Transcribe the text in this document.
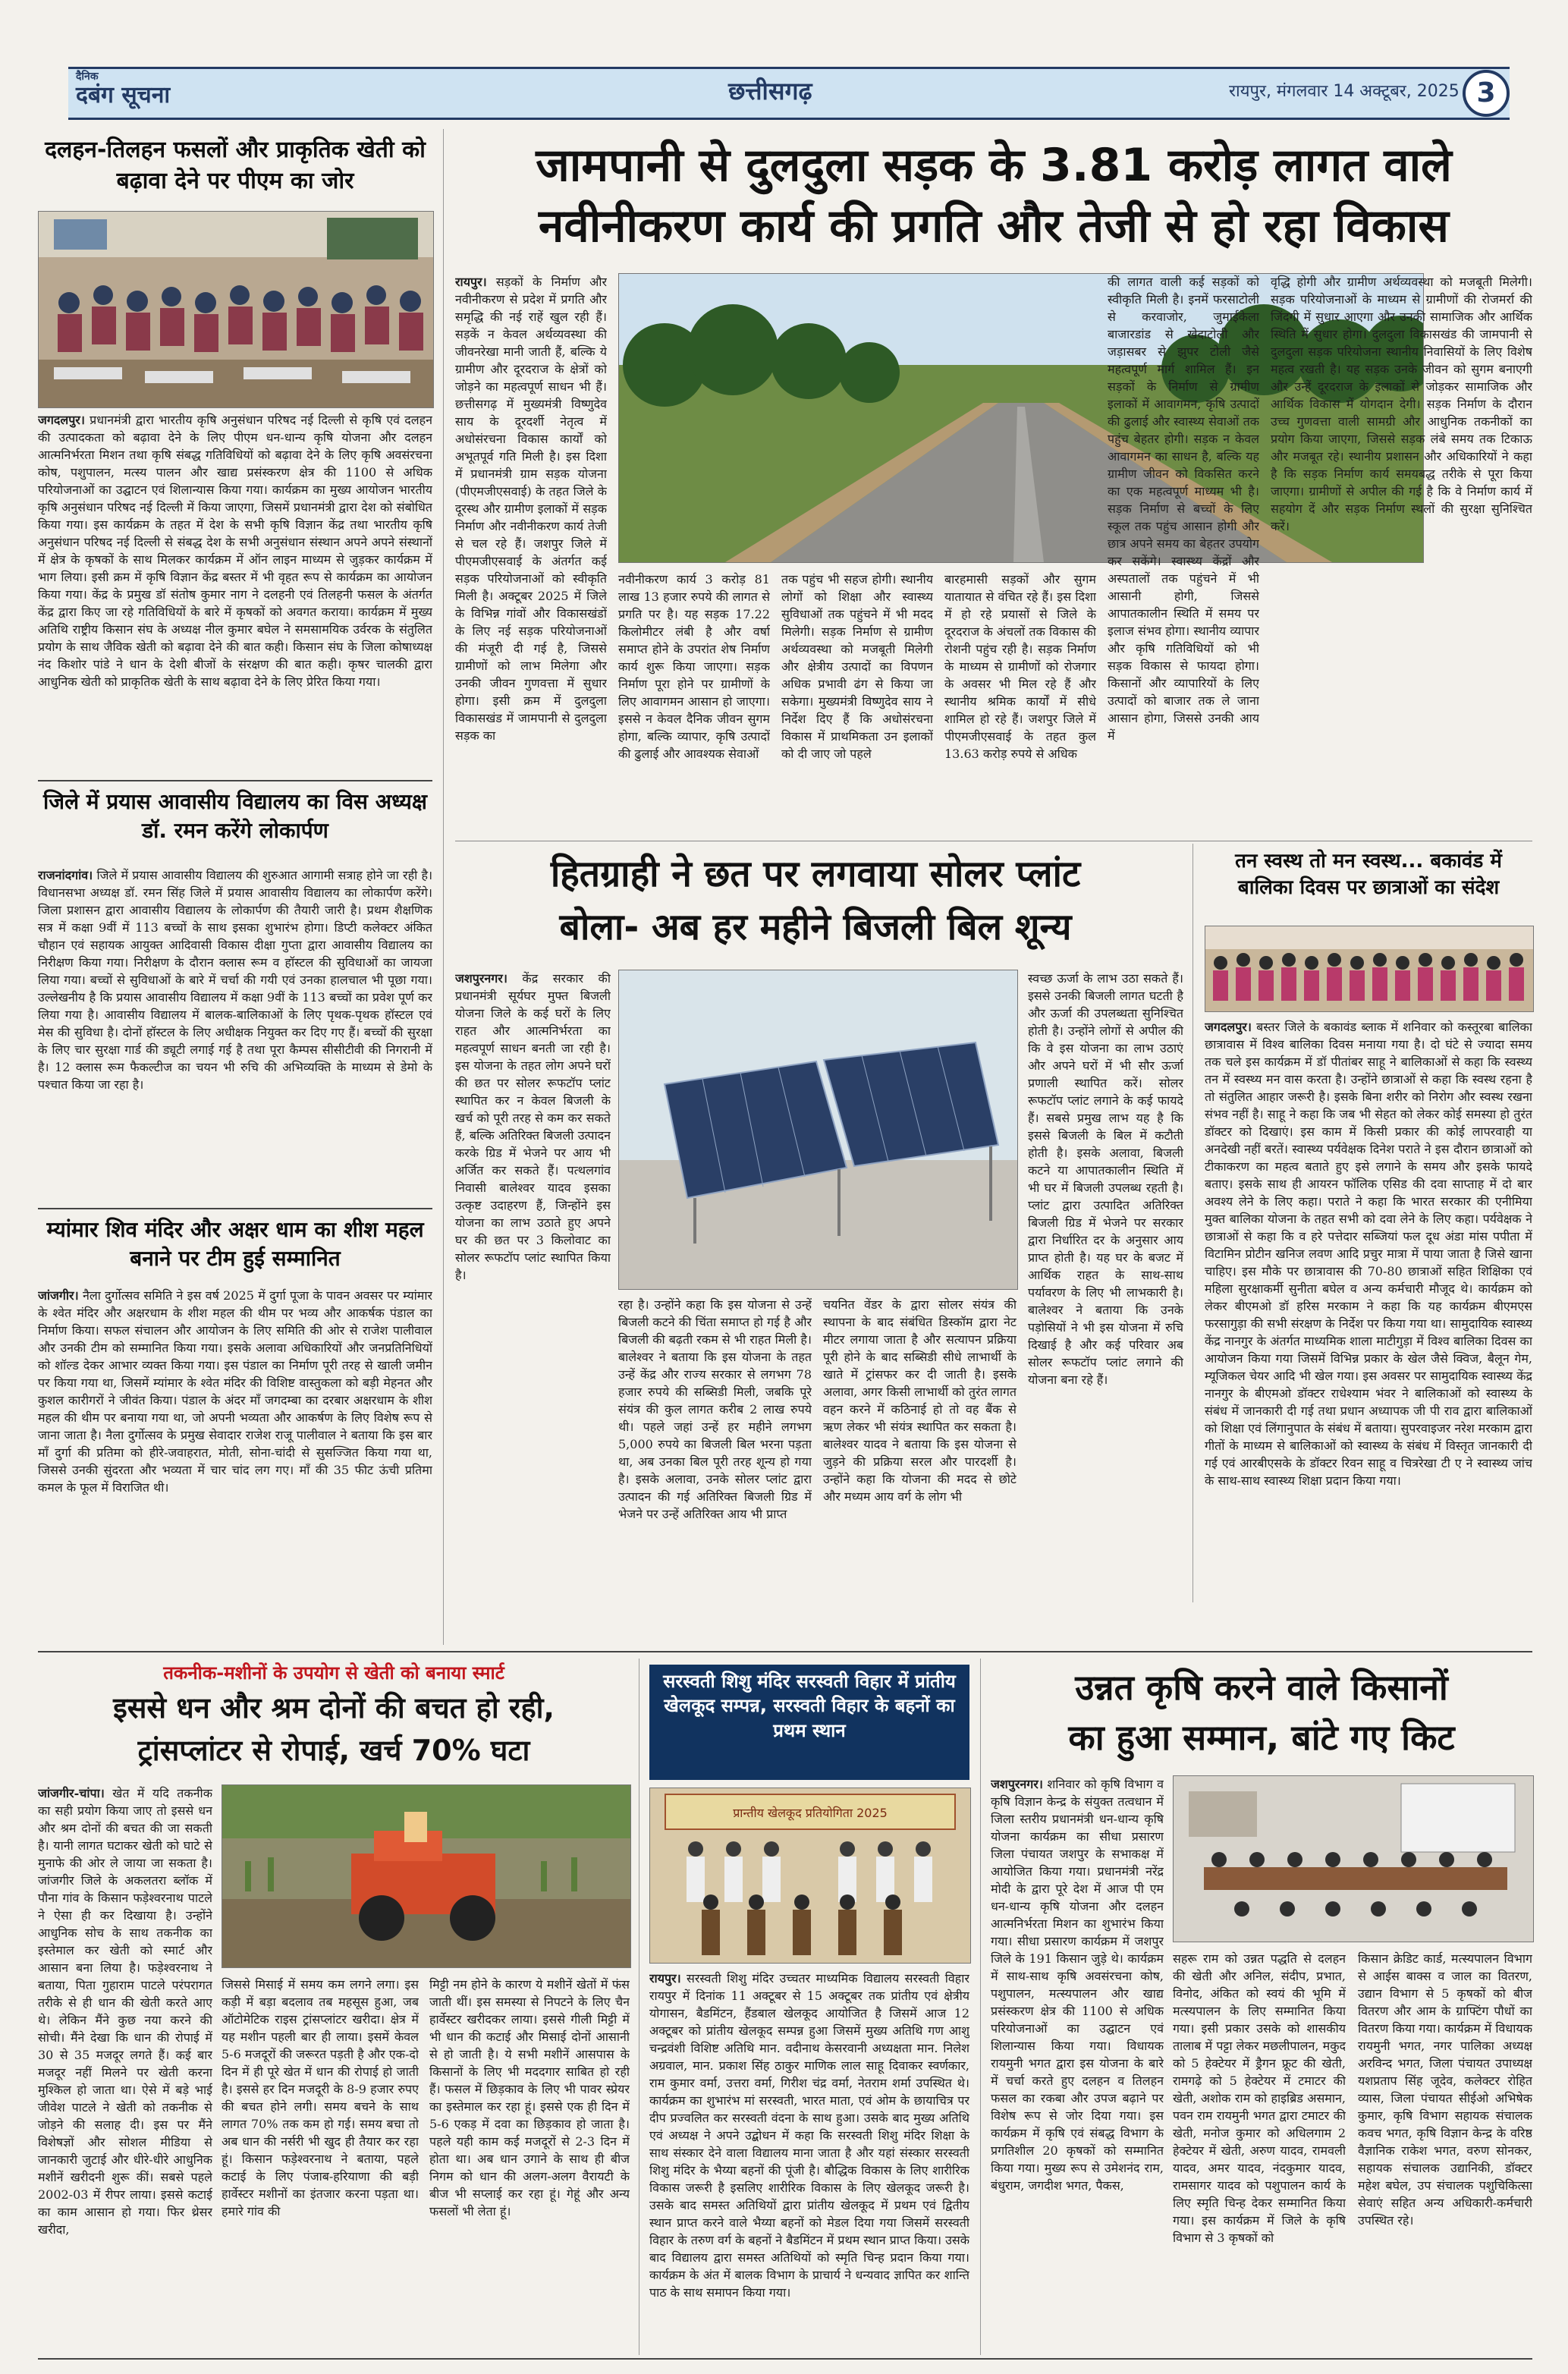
दैनिक
दबंग सूचना	छत्तीसगढ़	रायपुर, मंगलवार 14 अक्टूबर, 2025 3
दलहन-तिलहन फसलों और प्राकृतिक खेती को बढ़ावा देने पर पीएम का जोर
जगदलपुर। प्रधानमंत्री द्वारा भारतीय कृषि अनुसंधान परिषद नई दिल्ली से कृषि एवं दलहन की उत्पादकता को बढ़ावा देने के लिए पीएम धन-धान्य कृषि योजना और दलहन आत्मनिर्भरता मिशन तथा कृषि संबद्ध गतिविधियों को बढ़ावा देने के लिए कृषि अवसंरचना कोष, पशुपालन, मत्स्य पालन और खाद्य प्रसंस्करण क्षेत्र की 1100 से अधिक परियोजनाओं का उद्घाटन एवं शिलान्यास किया गया। कार्यक्रम का मुख्य आयोजन भारतीय कृषि अनुसंधान परिषद नई दिल्ली में किया जाएगा, जिसमें प्रधानमंत्री द्वारा देश को संबोधित किया गया। इस कार्यक्रम के तहत में देश के सभी कृषि विज्ञान केंद्र तथा भारतीय कृषि अनुसंधान परिषद नई दिल्ली से संबद्ध देश के सभी अनुसंधान संस्थान अपने अपने संस्थानों में क्षेत्र के कृषकों के साथ मिलकर कार्यक्रम में ऑन लाइन माध्यम से जुड़कर कार्यक्रम में भाग लिया। इसी क्रम में कृषि विज्ञान केंद्र बस्तर में भी वृहत रूप से कार्यक्रम का आयोजन किया गया। केंद्र के प्रमुख डॉ संतोष कुमार नाग ने दलहनी एवं तिलहनी फसल के अंतर्गत केंद्र द्वारा किए जा रहे गतिविधियों के बारे में कृषकों को अवगत कराया। कार्यक्रम में मुख्य अतिथि राष्ट्रीय किसान संघ के अध्यक्ष नील कुमार बघेल ने समसामयिक उर्वरक के संतुलित प्रयोग के साथ जैविक खेती को बढ़ावा देने की बात कही। किसान संघ के जिला कोषाध्यक्ष नंद किशोर पांडे ने धान के देशी बीजों के संरक्षण की बात कही। कृषर चालकी द्वारा आधुनिक खेती को प्राकृतिक खेती के साथ बढ़ावा देने के लिए प्रेरित किया गया।
जिले में प्रयास आवासीय विद्यालय का विस अध्यक्ष डॉ. रमन करेंगे लोकार्पण
राजनांदगांव। जिले में प्रयास आवासीय विद्यालय की शुरुआत आगामी सत्राह होने जा रही है। विधानसभा अध्यक्ष डॉ. रमन सिंह जिले में प्रयास आवासीय विद्यालय का लोकार्पण करेंगे। जिला प्रशासन द्वारा आवासीय विद्यालय के लोकार्पण की तैयारी जारी है। प्रथम शैक्षणिक सत्र में कक्षा 9वीं में 113 बच्चों के साथ इसका शुभारंभ होगा। डिप्टी कलेक्टर अंकित चौहान एवं सहायक आयुक्त आदिवासी विकास दीक्षा गुप्ता द्वारा आवासीय विद्यालय का निरीक्षण किया गया। निरीक्षण के दौरान क्लास रूम व हॉस्टल की सुविधाओं का जायजा लिया गया। बच्चों से सुविधाओं के बारे में चर्चा की गयी एवं उनका हालचाल भी पूछा गया। उल्लेखनीय है कि प्रयास आवासीय विद्यालय में कक्षा 9वीं के 113 बच्चों का प्रवेश पूर्ण कर लिया गया है। आवासीय विद्यालय में बालक-बालिकाओं के लिए पृथक-पृथक हॉस्टल एवं मेस की सुविधा है। दोनों हॉस्टल के लिए अधीक्षक नियुक्त कर दिए गए हैं। बच्चों की सुरक्षा के लिए चार सुरक्षा गार्ड की ड्यूटी लगाई गई है तथा पूरा कैम्पस सीसीटीवी की निगरानी में है। 12 क्लास रूम फैकल्टीज का चयन भी रुचि की अभिव्यक्ति के माध्यम से डेमो के पश्चात किया जा रहा है।
म्यांमार शिव मंदिर और अक्षर धाम का शीश महल बनाने पर टीम हुई सम्मानित
जांजगीर। नैला दुर्गोत्सव समिति ने इस वर्ष 2025 में दुर्गा पूजा के पावन अवसर पर म्यांमार के श्वेत मंदिर और अक्षरधाम के शीश महल की थीम पर भव्य और आकर्षक पंडाल का निर्माण किया। सफल संचालन और आयोजन के लिए समिति की ओर से राजेश पालीवाल और उनकी टीम को सम्मानित किया गया। इसके अलावा अधिकारियों और जनप्रतिनिधियों को शॉल्ड देकर आभार व्यक्त किया गया। इस पंडाल का निर्माण पूरी तरह से खाली जमीन पर किया गया था, जिसमें म्यांमार के श्वेत मंदिर की विशिष्ट वास्तुकला को बड़ी मेहनत और कुशल कारीगरों ने जीवंत किया। पंडाल के अंदर माँ जगदम्बा का दरबार अक्षरधाम के शीश महल की थीम पर बनाया गया था, जो अपनी भव्यता और आकर्षण के लिए विशेष रूप से जाना जाता है। नैला दुर्गोत्सव के प्रमुख सेवादार राजेश राजू पालीवाल ने बताया कि इस बार माँ दुर्गा की प्रतिमा को हीरे-जवाहरात, मोती, सोना-चांदी से सुसज्जित किया गया था, जिससे उनकी सुंदरता और भव्यता में चार चांद लग गए। माँ की 35 फीट ऊंची प्रतिमा कमल के फूल में विराजित थी।
जामपानी से दुलदुला सड़क के 3.81 करोड़ लागत वाले
नवीनीकरण कार्य की प्रगति और तेजी से हो रहा विकास
रायपुर। सड़कों के निर्माण और नवीनीकरण से प्रदेश में प्रगति और समृद्धि की नई राहें खुल रही हैं। सड़कें न केवल अर्थव्यवस्था की जीवनरेखा मानी जाती हैं, बल्कि ये ग्रामीण और दूरदराज के क्षेत्रों को जोड़ने का महत्वपूर्ण साधन भी हैं। छत्तीसगढ़ में मुख्यमंत्री विष्णुदेव साय के दूरदर्शी नेतृत्व में अधोसंरचना विकास कार्यों को अभूतपूर्व गति मिली है। इस दिशा में प्रधानमंत्री ग्राम सड़क योजना (पीएमजीएसवाई) के तहत जिले के दूरस्थ और ग्रामीण इलाकों में सड़क निर्माण और नवीनीकरण कार्य तेजी से चल रहे हैं। जशपुर जिले में पीएमजीएसवाई के अंतर्गत कई सड़क परियोजनाओं को स्वीकृति मिली है। अक्टूबर 2025 में जिले के विभिन्न गांवों और विकासखंडों के लिए नई सड़क परियोजनाओं की मंजूरी दी गई है, जिससे ग्रामीणों को लाभ मिलेगा और उनकी जीवन गुणवत्ता में सुधार होगा। इसी क्रम में दुलदुला विकासखंड में जामपानी से दुलदुला सड़क का
नवीनीकरण कार्य 3 करोड़ 81 लाख 13 हजार रुपये की लागत से प्रगति पर है। यह सड़क 17.22 किलोमीटर लंबी है और वर्षा समाप्त होने के उपरांत शेष निर्माण कार्य शुरू किया जाएगा। सड़क निर्माण पूरा होने पर ग्रामीणों के लिए आवागमन आसान हो जाएगा। इससे न केवल दैनिक जीवन सुगम होगा, बल्कि व्यापार, कृषि उत्पादों की ढुलाई और आवश्यक सेवाओं
तक पहुंच भी सहज होगी। स्थानीय लोगों को शिक्षा और स्वास्थ्य सुविधाओं तक पहुंचने में भी मदद मिलेगी। सड़क निर्माण से ग्रामीण अर्थव्यवस्था को मजबूती मिलेगी और क्षेत्रीय उत्पादों का विपणन अधिक प्रभावी ढंग से किया जा सकेगा। मुख्यमंत्री विष्णुदेव साय ने निर्देश दिए हैं कि अधोसंरचना विकास में प्राथमिकता उन इलाकों को दी जाए जो पहले
बारहमासी सड़कों और सुगम यातायात से वंचित रहे हैं। इस दिशा में हो रहे प्रयासों से जिले के दूरदराज के अंचलों तक विकास की रोशनी पहुंच रही है। सड़क निर्माण के माध्यम से ग्रामीणों को रोजगार के अवसर भी मिल रहे हैं और स्थानीय श्रमिक कार्यों में सीधे शामिल हो रहे हैं। जशपुर जिले में पीएमजीएसवाई के तहत कुल 13.63 करोड़ रुपये से अधिक
की लागत वाली कई सड़कों को स्वीकृति मिली है। इनमें फरसाटोली से करवाजोर, जुमाईकेला बाजारडांड से खेदाटोली और जड़ासबर से झुपर टोली जैसे महत्वपूर्ण मार्ग शामिल हैं। इन सड़कों के निर्माण से ग्रामीण इलाकों में आवागमन, कृषि उत्पादों की ढुलाई और स्वास्थ्य सेवाओं तक पहुंच बेहतर होगी। सड़क न केवल आवागमन का साधन है, बल्कि यह ग्रामीण जीवन को विकसित करने का एक महत्वपूर्ण माध्यम भी है। सड़क निर्माण से बच्चों के लिए स्कूल तक पहुंच आसान होगी और छात्र अपने समय का बेहतर उपयोग कर सकेंगे। स्वास्थ्य केंद्रों और अस्पतालों तक पहुंचने में भी आसानी होगी, जिससे आपातकालीन स्थिति में समय पर इलाज संभव होगा। स्थानीय व्यापार और कृषि गतिविधियों को भी सड़क विकास से फायदा होगा। किसानों और व्यापारियों के लिए उत्पादों को बाजार तक ले जाना आसान होगा, जिससे उनकी आय में
वृद्धि होगी और ग्रामीण अर्थव्यवस्था को मजबूती मिलेगी। सड़क परियोजनाओं के माध्यम से ग्रामीणों की रोजमर्रा की जिंदगी में सुधार आएगा और उनकी सामाजिक और आर्थिक स्थिति में सुधार होगा। दुलदुला विकासखंड की जामपानी से दुलदुला सड़क परियोजना स्थानीय निवासियों के लिए विशेष महत्व रखती है। यह सड़क उनके जीवन को सुगम बनाएगी और उन्हें दूरदराज के इलाकों से जोड़कर सामाजिक और आर्थिक विकास में योगदान देगी। सड़क निर्माण के दौरान उच्च गुणवत्ता वाली सामग्री और आधुनिक तकनीकों का प्रयोग किया जाएगा, जिससे सड़क लंबे समय तक टिकाऊ और मजबूत रहे। स्थानीय प्रशासन और अधिकारियों ने कहा है कि सड़क निर्माण कार्य समयबद्ध तरीके से पूरा किया जाएगा। ग्रामीणों से अपील की गई है कि वे निर्माण कार्य में सहयोग दें और सड़क निर्माण स्थलों की सुरक्षा सुनिश्चित करें।
हितग्राही ने छत पर लगवाया सोलर प्लांट
बोला- अब हर महीने बिजली बिल शून्य
जशपुरनगर। केंद्र सरकार की प्रधानमंत्री सूर्यघर मुफ्त बिजली योजना जिले के कई घरों के लिए राहत और आत्मनिर्भरता का महत्वपूर्ण साधन बनती जा रही है। इस योजना के तहत लोग अपने घरों की छत पर सोलर रूफटॉप प्लांट स्थापित कर न केवल बिजली के खर्च को पूरी तरह से कम कर सकते हैं, बल्कि अतिरिक्त बिजली उत्पादन करके ग्रिड में भेजने पर आय भी अर्जित कर सकते हैं। पत्थलगांव निवासी बालेश्वर यादव इसका उत्कृष्ट उदाहरण हैं, जिन्होंने इस योजना का लाभ उठाते हुए अपने घर की छत पर 3 किलोवाट का सोलर रूफटॉप प्लांट स्थापित किया है।
रहा है। उन्होंने कहा कि इस योजना से उन्हें बिजली कटने की चिंता समाप्त हो गई है और बिजली की बढ़ती रकम से भी राहत मिली है। बालेश्वर ने बताया कि इस योजना के तहत उन्हें केंद्र और राज्य सरकार से लगभग 78 हजार रुपये की सब्सिडी मिली, जबकि पूरे संयंत्र की कुल लागत करीब 2 लाख रुपये थी। पहले जहां उन्हें हर महीने लगभग 5,000 रुपये का बिजली बिल भरना पड़ता था, अब उनका बिल पूरी तरह शून्य हो गया है। इसके अलावा, उनके सोलर प्लांट द्वारा उत्पादन की गई अतिरिक्त बिजली ग्रिड में भेजने पर उन्हें अतिरिक्त आय भी प्राप्त
चयनित वेंडर के द्वारा सोलर संयंत्र की स्थापना के बाद संबंधित डिस्कॉम द्वारा नेट मीटर लगाया जाता है और सत्यापन प्रक्रिया पूरी होने के बाद सब्सिडी सीधे लाभार्थी के खाते में ट्रांसफर कर दी जाती है। इसके अलावा, अगर किसी लाभार्थी को तुरंत लागत वहन करने में कठिनाई हो तो वह बैंक से ऋण लेकर भी संयंत्र स्थापित कर सकता है। बालेश्वर यादव ने बताया कि इस योजना से जुड़ने की प्रक्रिया सरल और पारदर्शी है। उन्होंने कहा कि योजना की मदद से छोटे और मध्यम आय वर्ग के लोग भी
स्वच्छ ऊर्जा के लाभ उठा सकते हैं। इससे उनकी बिजली लागत घटती है और ऊर्जा की उपलब्धता सुनिश्चित होती है। उन्होंने लोगों से अपील की कि वे इस योजना का लाभ उठाएं और अपने घरों में भी सौर ऊर्जा प्रणाली स्थापित करें। सोलर रूफटॉप प्लांट लगाने के कई फायदे हैं। सबसे प्रमुख लाभ यह है कि इससे बिजली के बिल में कटौती होती है। इसके अलावा, बिजली कटने या आपातकालीन स्थिति में भी घर में बिजली उपलब्ध रहती है। प्लांट द्वारा उत्पादित अतिरिक्त बिजली ग्रिड में भेजने पर सरकार द्वारा निर्धारित दर के अनुसार आय प्राप्त होती है। यह घर के बजट में आर्थिक राहत के साथ-साथ पर्यावरण के लिए भी लाभकारी है। बालेश्वर ने बताया कि उनके पड़ोसियों ने भी इस योजना में रुचि दिखाई है और कई परिवार अब सोलर रूफटॉप प्लांट लगाने की योजना बना रहे हैं।
तन स्वस्थ तो मन स्वस्थ... बकावंड में बालिका दिवस पर छात्राओं का संदेश
जगदलपुर। बस्तर जिले के बकावंड ब्लाक में शनिवार को कस्तूरबा बालिका छात्रावास में विश्व बालिका दिवस मनाया गया है। दो घंटे से ज्यादा समय तक चले इस कार्यक्रम में डॉ पीतांबर साहू ने बालिकाओं से कहा कि स्वस्थ्य तन में स्वस्थ्य मन वास करता है। उन्होंने छात्राओं से कहा कि स्वस्थ रहना है तो संतुलित आहार जरूरी है। इसके बिना शरीर को निरोग और स्वस्थ रखना संभव नहीं है। साहू ने कहा कि जब भी सेहत को लेकर कोई समस्या हो तुरंत डॉक्टर को दिखाएं। इस काम में किसी प्रकार की कोई लापरवाही या अनदेखी नहीं बरतें। स्वास्थ्य पर्यवेक्षक दिनेश पराते ने इस दौरान छात्राओं को टीकाकरण का महत्व बताते हुए इसे लगाने के समय और इसके फायदे बताए। इसके साथ ही आयरन फॉलिक एसिड की दवा साप्ताह में दो बार अवश्य लेने के लिए कहा। पराते ने कहा कि भारत सरकार की एनीमिया मुक्त बालिका योजना के तहत सभी को दवा लेने के लिए कहा। पर्यवेक्षक ने छात्राओं से कहा कि व हरे पत्तेदार सब्जियां फल दूध अंडा मांस पपीता में विटामिन प्रोटीन खनिज लवण आदि प्रचुर मात्रा में पाया जाता है जिसे खाना चाहिए। इस मौके पर छात्रावास की 70-80 छात्राओं सहित शिक्षिका एवं महिला सुरक्षाकर्मी सुनीता बघेल व अन्य कर्मचारी मौजूद थे। कार्यक्रम को लेकर बीएमओ डॉ हरिस मरकाम ने कहा कि यह कार्यक्रम बीएमएस फरसागुड़ा की सभी संरक्षण के निर्देश पर किया गया था। सामुदायिक स्वास्थ्य केंद्र नानगुर के अंतर्गत माध्यमिक शाला माटीगुड़ा में विश्व बालिका दिवस का आयोजन किया गया जिसमें विभिन्न प्रकार के खेल जैसे क्विज, बैलून गेम, म्यूजिकल चेयर आदि भी खेल गया। इस अवसर पर सामुदायिक स्वास्थ्य केंद्र नानगुर के बीएमओ डॉक्टर राधेश्याम भंवर ने बालिकाओं को स्वास्थ्य के संबंध में जानकारी दी गई तथा प्रधान अध्यापक जी पी राव द्वारा बालिकाओं को शिक्षा एवं लिंगानुपात के संबंध में बताया। सुपरवाइजर नरेश मरकाम द्वारा गीतों के माध्यम से बालिकाओं को स्वास्थ्य के संबंध में विस्तृत जानकारी दी गई एवं आरबीएसके के डॉक्टर रिवन साहू व चित्ररेखा टी ए ने स्वास्थ्य जांच के साथ-साथ स्वास्थ्य शिक्षा प्रदान किया गया।
तकनीक-मशीनों के उपयोग से खेती को बनाया स्मार्ट
इससे धन और श्रम दोनों की बचत हो रही,
ट्रांसप्लांटर से रोपाई, खर्च 70% घटा
जांजगीर-चांपा। खेत में यदि तकनीक का सही प्रयोग किया जाए तो इससे धन और श्रम दोनों की बचत की जा सकती है। यानी लागत घटाकर खेती को घाटे से मुनाफे की ओर ले जाया जा सकता है। जांजगीर जिले के अकलतरा ब्लॉक में पौना गांव के किसान फड़ेश्वरनाथ पाटले ने ऐसा ही कर दिखाया है। उन्होंने आधुनिक सोच के साथ तकनीक का इस्तेमाल कर खेती को स्मार्ट और आसान बना लिया है। फड़ेश्वरनाथ ने बताया, पिता गुहाराम पाटले परंपरागत तरीके से ही धान की खेती करते आए थे। लेकिन मैंने कुछ नया करने की सोची। मैंने देखा कि धान की रोपाई में 30 से 35 मजदूर लगते हैं। कई बार मजदूर नहीं मिलने पर खेती करना मुश्किल हो जाता था। ऐसे में बड़े भाई जीवेश पाटले ने खेती को तकनीक से जोड़ने की सलाह दी। इस पर मैंने विशेषज्ञों और सोशल मीडिया से जानकारी जुटाई और धीरे-धीरे आधुनिक मशीनें खरीदनी शुरू कीं। सबसे पहले 2002-03 में रीपर लाया। इससे कटाई का काम आसान हो गया। फिर थ्रेसर खरीदा,
जिससे मिसाई में समय कम लगने लगा। इस कड़ी में बड़ा बदलाव तब महसूस हुआ, जब ऑटोमेटिक राइस ट्रांसप्लांटर खरीदा। क्षेत्र में यह मशीन पहली बार ही लाया। इसमें केवल 5-6 मजदूरों की जरूरत पड़ती है और एक-दो दिन में ही पूरे खेत में धान की रोपाई हो जाती है। इससे हर दिन मजदूरी के 8-9 हजार रुपए की बचत होने लगी। समय बचने के साथ लागत 70% तक कम हो गई। समय बचा तो अब धान की नर्सरी भी खुद ही तैयार कर रहा हूं। किसान फड़ेश्वरनाथ ने बताया, पहले कटाई के लिए पंजाब-हरियाणा की बड़ी हार्वेस्टर मशीनों का इंतजार करना पड़ता था। हमारे गांव की
मिट्टी नम होने के कारण ये मशीनें खेतों में फंस जाती थीं। इस समस्या से निपटने के लिए चैन हार्वेस्टर खरीदकर लाया। इससे गीली मिट्टी में भी धान की कटाई और मिसाई दोनों आसानी से हो जाती है। ये सभी मशीनें आसपास के किसानों के लिए भी मददगार साबित हो रही हैं। फसल में छिड़काव के लिए भी पावर स्प्रेयर का इस्तेमाल कर रहा हूं। इससे एक ही दिन में 5-6 एकड़ में दवा का छिड़काव हो जाता है। पहले यही काम कई मजदूरों से 2-3 दिन में होता था। अब धान उगाने के साथ ही बीज निगम को धान की अलग-अलग वैरायटी के बीज भी सप्लाई कर रहा हूं। गेहूं और अन्य फसलों भी लेता हूं।
सरस्वती शिशु मंदिर सरस्वती विहार में प्रांतीय खेलकूद सम्पन्न, सरस्वती विहार के बहनों का प्रथम स्थान
प्रान्तीय खेलकूद प्रतियोगिता 2025
रायपुर। सरस्वती शिशु मंदिर उच्चतर माध्यमिक विद्यालय सरस्वती विहार रायपुर में दिनांक 11 अक्टूबर से 15 अक्टूबर तक प्रांतीय एवं क्षेत्रीय योगासन, बैडमिंटन, हैंडबाल खेलकूद आयोजित है जिसमें आज 12 अक्टूबर को प्रांतीय खेलकूद सम्पन्न हुआ जिसमें मुख्य अतिथि गण आशु चन्द्रवंशी विशिष्ट अतिथि मान. वदीनाथ केसरवानी अध्यक्षता मान. निलेश अग्रवाल, मान. प्रकाश सिंह ठाकुर माणिक लाल साहू दिवाकर स्वर्णकार, राम कुमार वर्मा, उत्तरा वर्मा, गिरीश चंद्र वर्मा, नेतराम शर्मा उपस्थित थे। कार्यक्रम का शुभारंभ मां सरस्वती, भारत माता, एवं ओम के छायाचित्र पर दीप प्रज्वलित कर सरस्वती वंदना के साथ हुआ। उसके बाद मुख्य अतिथि एवं अध्यक्ष ने अपने उद्बोधन में कहा कि सरस्वती शिशु मंदिर शिक्षा के साथ संस्कार देने वाला विद्यालय माना जाता है और यहां संस्कार सरस्वती शिशु मंदिर के भैय्या बहनों की पूंजी है। बौद्धिक विकास के लिए शारीरिक विकास जरूरी है इसलिए शारीरिक विकास के लिए खेलकूद जरूरी है। उसके बाद समस्त अतिथियों द्वारा प्रांतीय खेलकूद में प्रथम एवं द्वितीय स्थान प्राप्त करने वाले भैय्या बहनों को मेडल दिया गया जिसमें सरस्वती विहार के तरुण वर्ग के बहनों ने बैडमिंटन में प्रथम स्थान प्राप्त किया। उसके बाद विद्यालय द्वारा समस्त अतिथियों को स्मृति चिन्ह प्रदान किया गया। कार्यक्रम के अंत में बालक विभाग के प्राचार्य ने धन्यवाद ज्ञापित कर शान्ति पाठ के साथ समापन किया गया।
उन्नत कृषि करने वाले किसानों
का हुआ सम्मान, बांटे गए किट
जशपुरनगर। शनिवार को कृषि विभाग व कृषि विज्ञान केन्द्र के संयुक्त तत्वधान में जिला स्तरीय प्रधानमंत्री धन-धान्य कृषि योजना कार्यक्रम का सीधा प्रसारण जिला पंचायत जशपुर के सभाकक्ष में आयोजित किया गया। प्रधानमंत्री नरेंद्र मोदी के द्वारा पूरे देश में आज पी एम धन-धान्य कृषि योजना और दलहन आत्मनिर्भरता मिशन का शुभारंभ किया गया। सीधा प्रसारण कार्यक्रम में जशपुर जिले के 191 किसान जुड़े थे। कार्यक्रम में साथ-साथ कृषि अवसंरचना कोष, पशुपालन, मत्स्यपालन और खाद्य प्रसंस्करण क्षेत्र की 1100 से अधिक परियोजनाओं का उद्घाटन एवं शिलान्यास किया गया। विधायक रायमुनी भगत द्वारा इस योजना के बारे में चर्चा करते हुए दलहन व तिलहन फसल का रकबा और उपज बढ़ाने पर विशेष रूप से जोर दिया गया। इस कार्यक्रम में कृषि एवं संबद्ध विभाग के प्रगतिशील 20 कृषकों को सम्मानित किया गया। मुख्य रूप से उमेशनंद राम, बंधुराम, जगदीश भगत, पैकस,
सहरू राम को उन्नत पद्धति से दलहन की खेती और अनिल, संदीप, प्रभात, विनोद, अंकित को स्वयं की भूमि में मत्स्यपालन के लिए सम्मानित किया गया। इसी प्रकार उसके को शासकीय तालाब में पट्टा लेकर मछलीपालन, मकुद को 5 हेक्टेयर में ड्रैगन फ्रूट की खेती, रामगढ़े को 5 हेक्टेयर में टमाटर की खेती, अशोक राम को हाइब्रिड असमान, पवन राम रायमुनी भगत द्वारा टमाटर की खेती, मनोज कुमार को अधिलगाम 2 हेक्टेयर में खेती, अरुण यादव, रामवली यादव, अमर यादव, नंदकुमार यादव, रामसागर यादव को पशुपालन कार्य के लिए स्मृति चिन्ह देकर सम्मानित किया गया। इस कार्यक्रम में जिले के कृषि विभाग से 3 कृषकों को
किसान क्रेडिट कार्ड, मत्स्यपालन विभाग से आईस बाक्स व जाल का वितरण, उद्यान विभाग से 5 कृषकों को बीज वितरण और आम के ग्राफ्टिंग पौधों का वितरण किया गया। कार्यक्रम में विधायक रायमुनी भगत, नगर पालिका अध्यक्ष अरविन्द भगत, जिला पंचायत उपाध्यक्ष यशप्रताप सिंह जूदेव, कलेक्टर रोहित व्यास, जिला पंचायत सीईओ अभिषेक कुमार, कृषि विभाग सहायक संचालक कवच भगत, कृषि विज्ञान केन्द्र के वरिष्ठ वैज्ञानिक राकेश भगत, वरुण सोनकर, सहायक संचालक उद्यानिकी, डॉक्टर महेश बघेल, उप संचालक पशुचिकित्सा सेवाएं सहित अन्य अधिकारी-कर्मचारी उपस्थित रहे।
